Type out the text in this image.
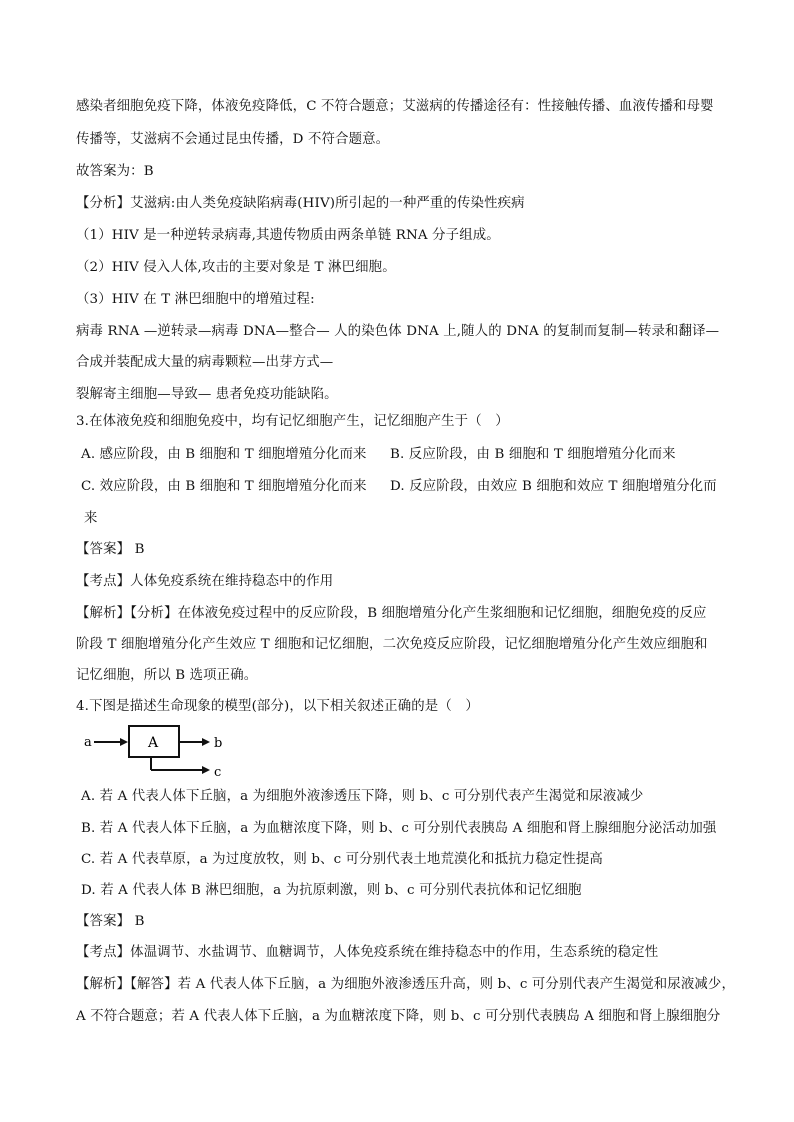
感染者细胞免疫下降，体液免疫降低，C 不符合题意；艾滋病的传播途径有：性接触传播、血液传播和母婴
传播等，艾滋病不会通过昆虫传播，D 不符合题意。
故答案为：B
【分析】艾滋病:由人类免疫缺陷病毒(HIV)所引起的一种严重的传染性疾病
（1）HIV 是一种逆转录病毒,其遗传物质由两条单链 RNA 分子组成。
（2）HIV 侵入人体,攻击的主要对象是 T 淋巴细胞。
（3）HIV 在 T 淋巴细胞中的增殖过程:
病毒 RNA —逆转录—病毒 DNA—整合— 人的染色体 DNA 上,随人的 DNA 的复制而复制—转录和翻译—
合成并装配成大量的病毒颗粒—出芽方式—
裂解寄主细胞—导致— 患者免疫功能缺陷。
3.在体液免疫和细胞免疫中，均有记忆细胞产生，记忆细胞产生于（　）
A. 感应阶段，由 B 细胞和 T 细胞增殖分化而来 B. 反应阶段，由 B 细胞和 T 细胞增殖分化而来
C. 效应阶段，由 B 细胞和 T 细胞增殖分化而来 D. 反应阶段，由效应 B 细胞和效应 T 细胞增殖分化而
来
【答案】 B
【考点】人体免疫系统在维持稳态中的作用
【解析】【分析】在体液免疫过程中的反应阶段，B 细胞增殖分化产生浆细胞和记忆细胞，细胞免疫的反应
阶段 T 细胞增殖分化产生效应 T 细胞和记忆细胞，二次免疫反应阶段，记忆细胞增殖分化产生效应细胞和
记忆细胞，所以 B 选项正确。
4.下图是描述生命现象的模型(部分)，以下相关叙述正确的是（　）
a	A	b
c
A. 若 A 代表人体下丘脑，a 为细胞外液渗透压下降，则 b、c 可分别代表产生渴觉和尿液减少
B. 若 A 代表人体下丘脑，a 为血糖浓度下降，则 b、c 可分别代表胰岛 A 细胞和肾上腺细胞分泌活动加强
C. 若 A 代表草原，a 为过度放牧，则 b、c 可分别代表土地荒漠化和抵抗力稳定性提高
D. 若 A 代表人体 B 淋巴细胞，a 为抗原刺激，则 b、c 可分别代表抗体和记忆细胞
【答案】 B
【考点】体温调节、水盐调节、血糖调节，人体免疫系统在维持稳态中的作用，生态系统的稳定性
【解析】【解答】若 A 代表人体下丘脑，a 为细胞外液渗透压升高，则 b、c 可分别代表产生渴觉和尿液减少，
A 不符合题意；若 A 代表人体下丘脑，a 为血糖浓度下降，则 b、c 可分别代表胰岛 A 细胞和肾上腺细胞分
